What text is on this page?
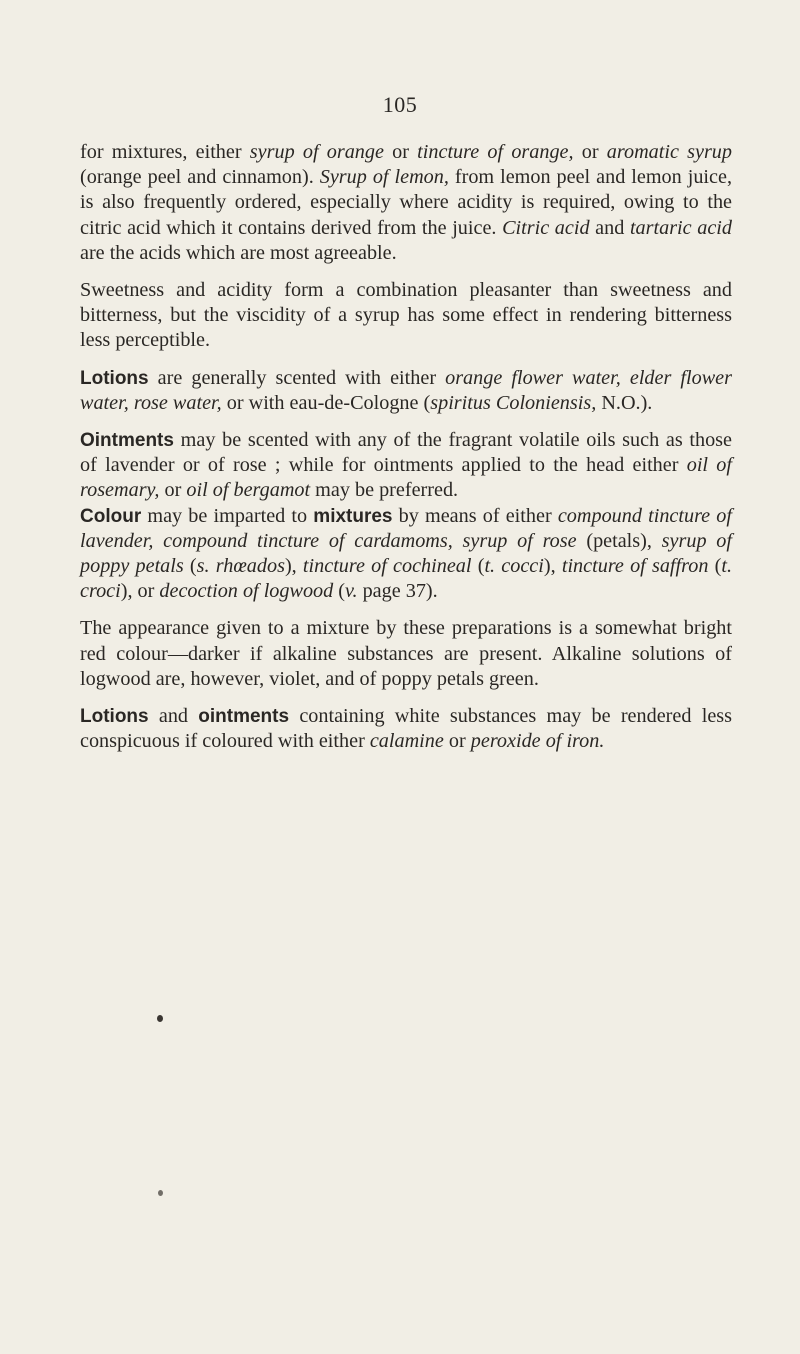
105

for mixtures, either syrup of orange or tincture of orange, or aromatic syrup (orange peel and cinnamon). Syrup of lemon, from lemon peel and lemon juice, is also frequently ordered, especially where acidity is required, owing to the citric acid which it contains derived from the juice. Citric acid and tartaric acid are the acids which are most agreeable.

Sweetness and acidity form a combination pleasanter than sweetness and bitterness, but the viscidity of a syrup has some effect in rendering bitterness less perceptible.

Lotions are generally scented with either orange flower water, elder flower water, rose water, or with eau-de-Cologne (spiritus Coloniensis, N.O.).

Ointments may be scented with any of the fragrant volatile oils such as those of lavender or of rose ; while for ointments applied to the head either oil of rosemary, or oil of bergamot may be preferred.

Colour may be imparted to mixtures by means of either compound tincture of lavender, compound tincture of cardamoms, syrup of rose (petals), syrup of poppy petals (s. rhœados), tincture of cochineal (t. cocci), tincture of saffron (t. croci), or decoction of logwood (v. page 37).

The appearance given to a mixture by these preparations is a somewhat bright red colour—darker if alkaline substances are present. Alkaline solutions of logwood are, however, violet, and of poppy petals green.

Lotions and ointments containing white substances may be rendered less conspicuous if coloured with either calamine or peroxide of iron.
